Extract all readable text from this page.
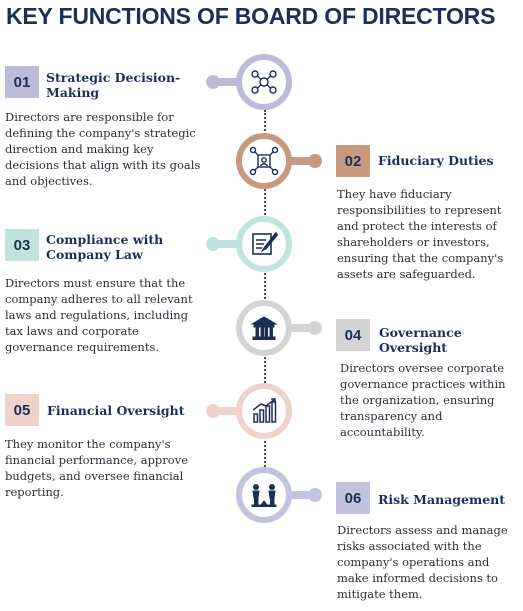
KEY FUNCTIONS OF BOARD OF DIRECTORS
01	Strategic Decision-Making
Directors are responsible for defining the company's strategic direction and making key decisions that align with its goals and objectives.
02	Fiduciary Duties
They have fiduciary responsibilities to represent and protect the interests of shareholders or investors, ensuring that the company's assets are safeguarded.
03	Compliance with Company Law
Directors must ensure that the company adheres to all relevant laws and regulations, including tax laws and corporate governance requirements.
04	Governance Oversight
Directors oversee corporate governance practices within the organization, ensuring transparency and accountability.
05	Financial Oversight
They monitor the company's financial performance, approve budgets, and oversee financial reporting.	06	Risk Management
Directors assess and manage risks associated with the company's operations and make informed decisions to mitigate them.
